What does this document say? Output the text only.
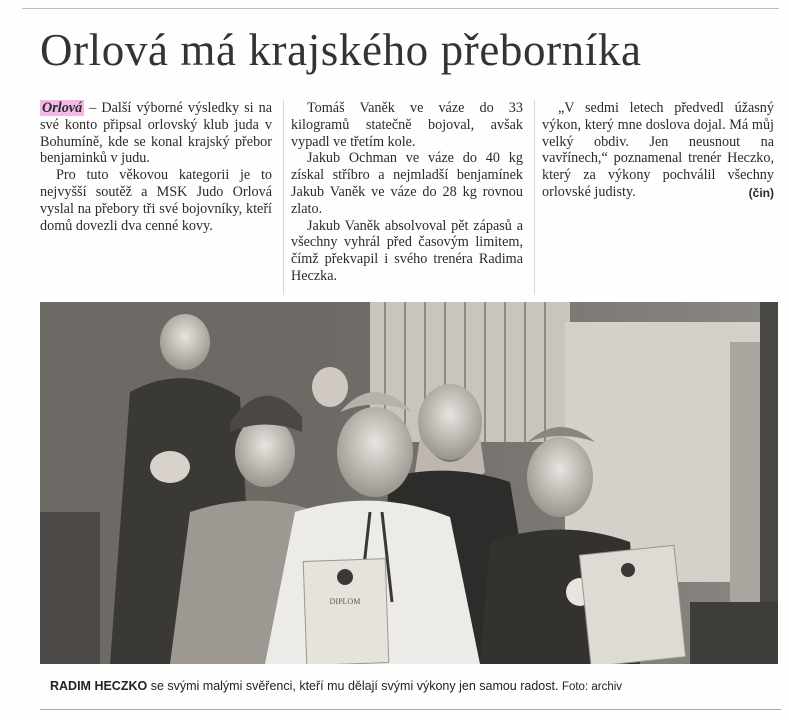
Orlová má krajského přeborníka

Orlová – Další výborné výsledky si na své konto připsal orlovský klub juda v Bohumíně, kde se konal krajský přebor benjaminků v judu.

Pro tuto věkovou kategorii je to nejvyšší soutěž a MSK Judo Orlová vyslal na přebory tři své bojovníky, kteří domů dovezli dva cenné kovy.

Tomáš Vaněk ve váze do 33 kilogramů statečně bojoval, avšak vypadl ve třetím kole.

Jakub Ochman ve váze do 40 kg získal stříbro a nejmladší benjamínek Jakub Vaněk ve váze do 28 kg rovnou zlato.

Jakub Vaněk absolvoval pět zápasů a všechny vyhrál před časovým limitem, čímž překvapil i svého trenéra Radima Heczka.

„V sedmi letech předvedl úžasný výkon, který mne doslova dojal. Má můj velký obdiv. Jen neusnout na vavřínech,“ poznamenal trenér Heczko, který za výkony pochválil všechny orlovské judisty.	(čin)
DIPLOM
RADIM HECZKO se svými malými svěřenci, kteří mu dělají svými výkony jen samou radost. Foto: archiv
